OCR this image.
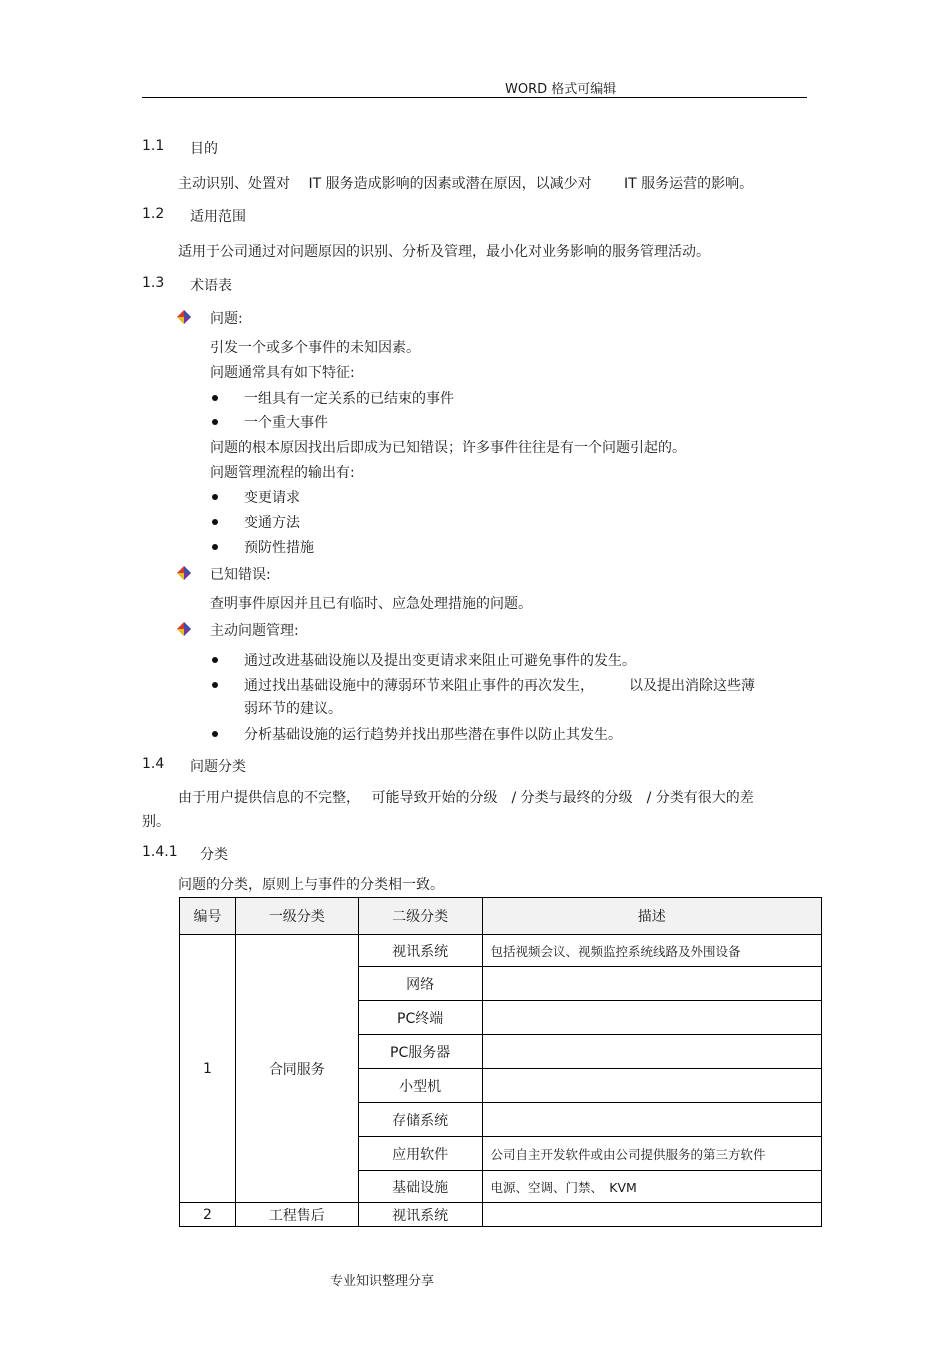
WORD 格式可编辑
1.1 目的
主动识别、处置对　 IT 服务造成影响的因素或潜在原因，以减少对　　 IT 服务运营的影响。
1.2 适用范围
适用于公司通过对问题原因的识别、分析及管理，最小化对业务影响的服务管理活动。
1.3 术语表
问题:
引发一个或多个事件的未知因素。
问题通常具有如下特征:
一组具有一定关系的已结束的事件
一个重大事件
问题的根本原因找出后即成为已知错误；许多事件往往是有一个问题引起的。
问题管理流程的输出有:
变更请求
变通方法
预防性措施
已知错误:
查明事件原因并且已有临时、应急处理措施的问题。
主动问题管理:
通过改进基础设施以及提出变更请求来阻止可避免事件的发生。
通过找出基础设施中的薄弱环节来阻止事件的再次发生，　　　以及提出消除这些薄
弱环节的建议。
分析基础设施的运行趋势并找出那些潜在事件以防止其发生。
1.4 问题分类
由于用户提供信息的不完整，　 可能导致开始的分级　/ 分类与最终的分级　/ 分类有很大的差
别。
1.4.1 分类
问题的分类，原则上与事件的分类相一致。
编号	一级分类	二级分类	描述
1	合同服务	视讯系统	包括视频会议、视频监控系统线路及外围设备
		网络	
		PC终端	
		PC服务器	
		小型机	
		存储系统	
		应用软件	公司自主开发软件或由公司提供服务的第三方软件
		基础设施	电源、空调、门禁、　KVM
2	工程售后	视讯系统	
专业知识整理分享
